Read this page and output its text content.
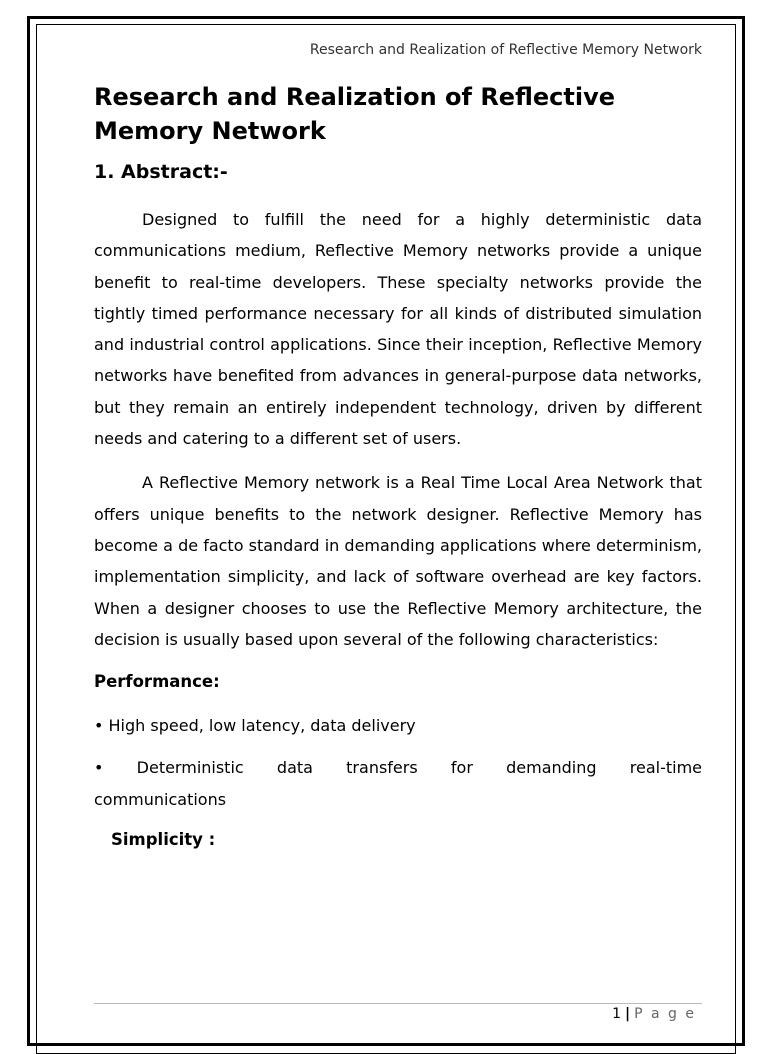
Research and Realization of Reflective Memory Network
Research and Realization of Reflective Memory Network
1. Abstract:-

Designed to fulfill the need for a highly deterministic data communications medium, Reflective Memory networks provide a unique benefit to real-time developers. These specialty networks provide the tightly timed performance necessary for all kinds of distributed simulation and industrial control applications. Since their inception, Reflective Memory networks have benefited from advances in general-purpose data networks, but they remain an entirely independent technology, driven by different needs and catering to a different set of users.

A Reflective Memory network is a Real Time Local Area Network that offers unique benefits to the network designer. Reflective Memory has become a de facto standard in demanding applications where determinism, implementation simplicity, and lack of software overhead are key factors. When a designer chooses to use the Reflective Memory architecture, the decision is usually based upon several of the following characteristics:

Performance:

• High speed, low latency, data delivery

• Deterministic data transfers for demanding real-time

communications

Simplicity :
1 | P a g e
